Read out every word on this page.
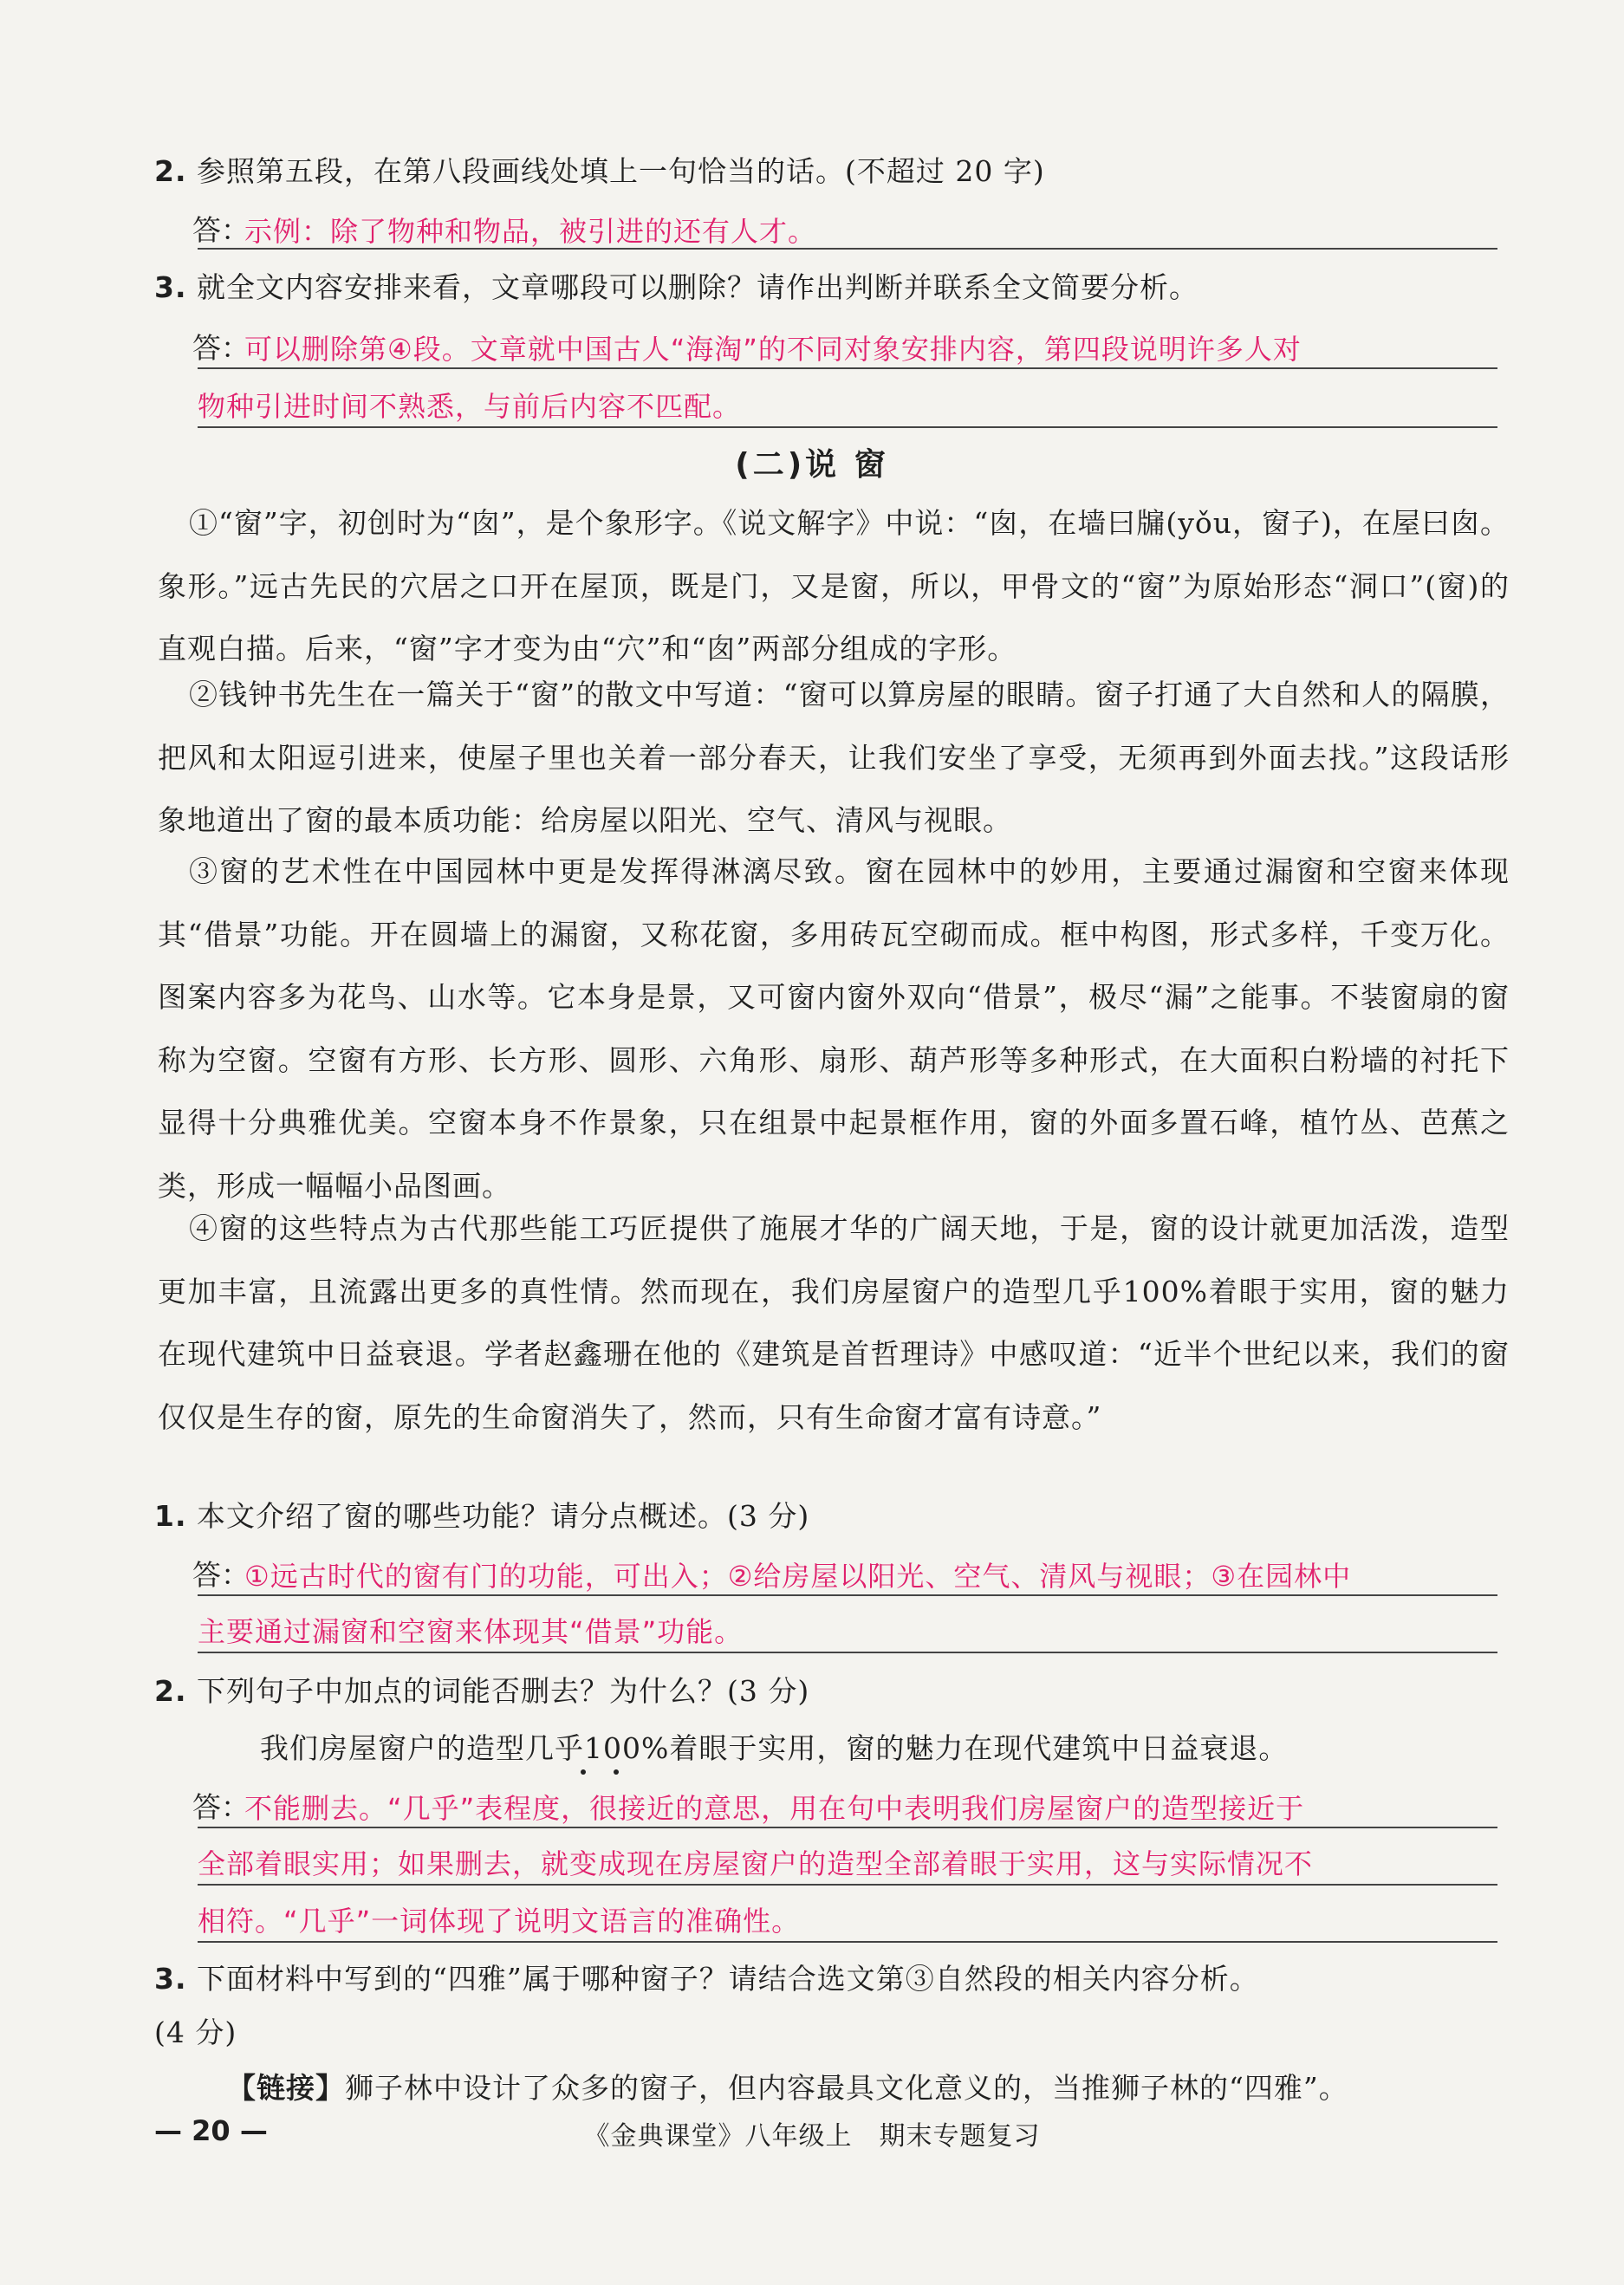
2. 参照第五段，在第八段画线处填上一句恰当的话。(不超过 20 字)
答：
示例：除了物种和物品，被引进的还有人才。
3. 就全文内容安排来看，文章哪段可以删除？请作出判断并联系全文简要分析。
答：
可以删除第④段。文章就中国古人“海淘”的不同对象安排内容，第四段说明许多人对
物种引进时间不熟悉，与前后内容不匹配。
(二)说 窗
①“窗”字，初创时为“囱”，是个象形字。《说文解字》中说：“囱，在墙曰牖(yǒu，窗子)，在屋曰囱。象形。”远古先民的穴居之口开在屋顶，既是门，又是窗，所以，甲骨文的“窗”为原始形态“洞口”(窗)的直观白描。后来，“窗”字才变为由“穴”和“囱”两部分组成的字形。
②钱钟书先生在一篇关于“窗”的散文中写道：“窗可以算房屋的眼睛。窗子打通了大自然和人的隔膜，把风和太阳逗引进来，使屋子里也关着一部分春天，让我们安坐了享受，无须再到外面去找。”这段话形象地道出了窗的最本质功能：给房屋以阳光、空气、清风与视眼。
③窗的艺术性在中国园林中更是发挥得淋漓尽致。窗在园林中的妙用，主要通过漏窗和空窗来体现其“借景”功能。开在圆墙上的漏窗，又称花窗，多用砖瓦空砌而成。框中构图，形式多样，千变万化。图案内容多为花鸟、山水等。它本身是景，又可窗内窗外双向“借景”，极尽“漏”之能事。不装窗扇的窗称为空窗。空窗有方形、长方形、圆形、六角形、扇形、葫芦形等多种形式，在大面积白粉墙的衬托下显得十分典雅优美。空窗本身不作景象，只在组景中起景框作用，窗的外面多置石峰，植竹丛、芭蕉之类，形成一幅幅小品图画。
④窗的这些特点为古代那些能工巧匠提供了施展才华的广阔天地，于是，窗的设计就更加活泼，造型更加丰富，且流露出更多的真性情。然而现在，我们房屋窗户的造型几乎100%着眼于实用，窗的魅力在现代建筑中日益衰退。学者赵鑫珊在他的《建筑是首哲理诗》中感叹道：“近半个世纪以来，我们的窗仅仅是生存的窗，原先的生命窗消失了，然而，只有生命窗才富有诗意。”
1. 本文介绍了窗的哪些功能？请分点概述。(3 分)
答：
①远古时代的窗有门的功能，可出入；②给房屋以阳光、空气、清风与视眼；③在园林中
主要通过漏窗和空窗来体现其“借景”功能。
2. 下列句子中加点的词能否删去？为什么？(3 分)
我们房屋窗户的造型几乎100%着眼于实用，窗的魅力在现代建筑中日益衰退。
答：
不能删去。“几乎”表程度，很接近的意思，用在句中表明我们房屋窗户的造型接近于
全部着眼实用；如果删去，就变成现在房屋窗户的造型全部着眼于实用，这与实际情况不
相符。“几乎”一词体现了说明文语言的准确性。
3. 下面材料中写到的“四雅”属于哪种窗子？请结合选文第③自然段的相关内容分析。
(4 分)
【链接】狮子林中设计了众多的窗子，但内容最具文化意义的，当推狮子林的“四雅”。
— 20 —	《金典课堂》八年级上　期末专题复习
